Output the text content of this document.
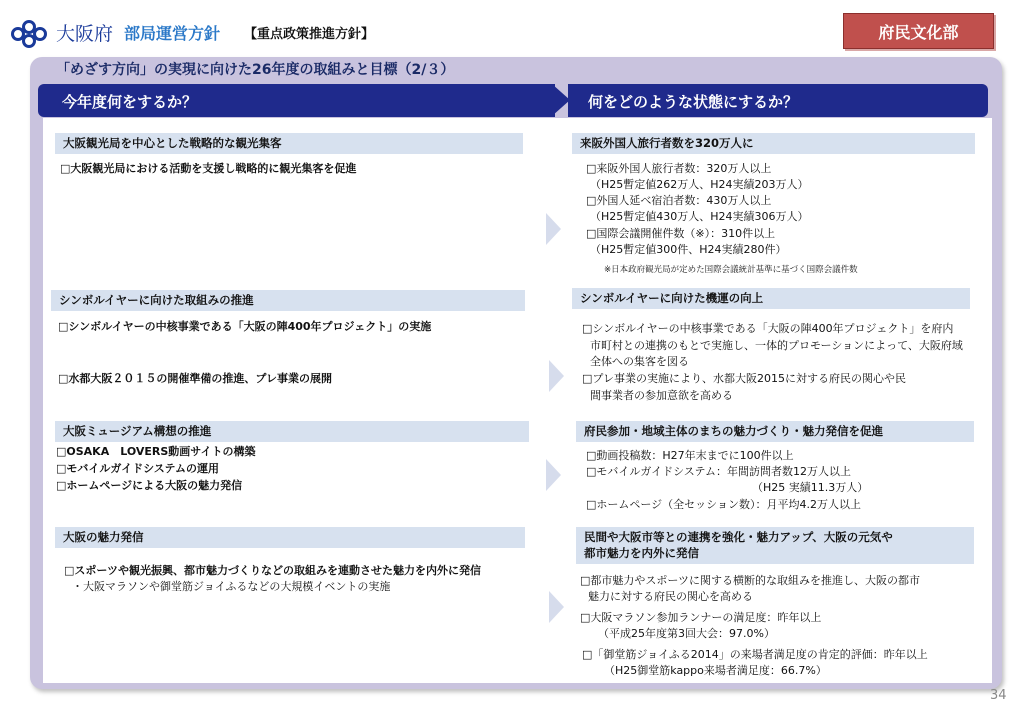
大阪府 部局運営方針 【重点政策推進方針】	府民文化部
「めざす方向」の実現に向けた26年度の取組みと目標（2/３）
今年度何をするか？	何をどのような状態にするか？
大阪観光局を中心とした戦略的な観光集客
□大阪観光局における活動を支援し戦略的に観光集客を促進
来阪外国人旅行者数を320万人に
□来阪外国人旅行者数：320万人以上
（H25暫定値262万人、H24実績203万人）
□外国人延べ宿泊者数：430万人以上
（H25暫定値430万人、H24実績306万人）
□国際会議開催件数（※）：310件以上
（H25暫定値300件、H24実績280件）
※日本政府観光局が定めた国際会議統計基準に基づく国際会議件数
シンボルイヤーに向けた取組みの推進
□シンボルイヤーの中核事業である「大阪の陣400年プロジェクト」の実施
□水都大阪２０１５の開催準備の推進、プレ事業の展開
シンボルイヤーに向けた機運の向上
□シンボルイヤーの中核事業である「大阪の陣400年プロジェクト」を府内
市町村との連携のもとで実施し、一体的プロモーションによって、大阪府域
全体への集客を図る
□プレ事業の実施により、水都大阪2015に対する府民の関心や民
間事業者の参加意欲を高める
大阪ミュージアム構想の推進
□OSAKA　LOVERS動画サイトの構築
□モバイルガイドシステムの運用
□ホームページによる大阪の魅力発信
府民参加・地域主体のまちの魅力づくり・魅力発信を促進
□動画投稿数：H27年末までに100件以上
□モバイルガイドシステム：年間訪問者数12万人以上
（H25 実績11.3万人）
□ホームページ（全セッション数）：月平均4.2万人以上
大阪の魅力発信
□スポーツや観光振興、都市魅力づくりなどの取組みを連動させた魅力を内外に発信
・大阪マラソンや御堂筋ジョイふるなどの大規模イベントの実施
民間や大阪市等との連携を強化・魅力アップ、大阪の元気や
都市魅力を内外に発信
□都市魅力やスポーツに関する横断的な取組みを推進し、大阪の都市
魅力に対する府民の関心を高める
□大阪マラソン参加ランナーの満足度：昨年以上
（平成25年度第3回大会：97.0%）
□「御堂筋ジョイふる2014」の来場者満足度の肯定的評価：昨年以上
（H25御堂筋kappo来場者満足度：66.7%）
34
